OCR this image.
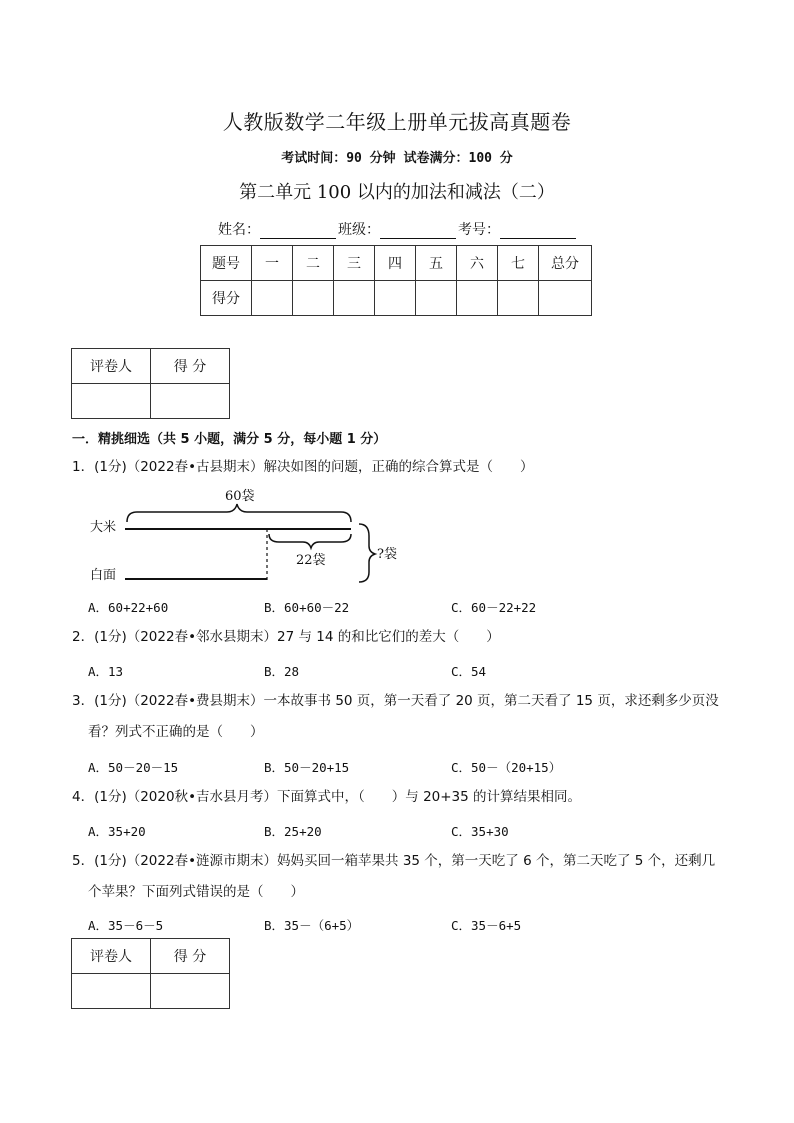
人教版数学二年级上册单元拔高真题卷
考试时间：90 分钟 试卷满分：100 分
第二单元 100 以内的加法和减法（二）
姓名：	班级：	考号：
题号	一	二	三	四	五	六	七	总分
得分								
评卷人	得 分

一．精挑细选（共 5 小题，满分 5 分，每小题 1 分）
1．(1分)（2022春•古县期末）解决如图的问题，正确的综合算式是（　　）
60袋
大米
22袋
白面
?袋
A．60+22+60	B．60+60－22	C．60－22+22
2．(1分)（2022春•邻水县期末）27 与 14 的和比它们的差大（　　）
A．13	B．28	C．54
3．(1分)（2022春•费县期末）一本故事书 50 页，第一天看了 20 页，第二天看了 15 页，求还剩多少页没
看？列式不正确的是（　　）
A．50－20－15	B．50－20+15	C．50－（20+15）
4．(1分)（2020秋•吉水县月考）下面算式中，（　　）与 20+35 的计算结果相同。
A．35+20	B．25+20	C．35+30
5．(1分)（2022春•涟源市期末）妈妈买回一箱苹果共 35 个，第一天吃了 6 个，第二天吃了 5 个，还剩几
个苹果？下面列式错误的是（　　）
A．35－6－5	B．35－（6+5）	C．35－6+5
评卷人	得 分
